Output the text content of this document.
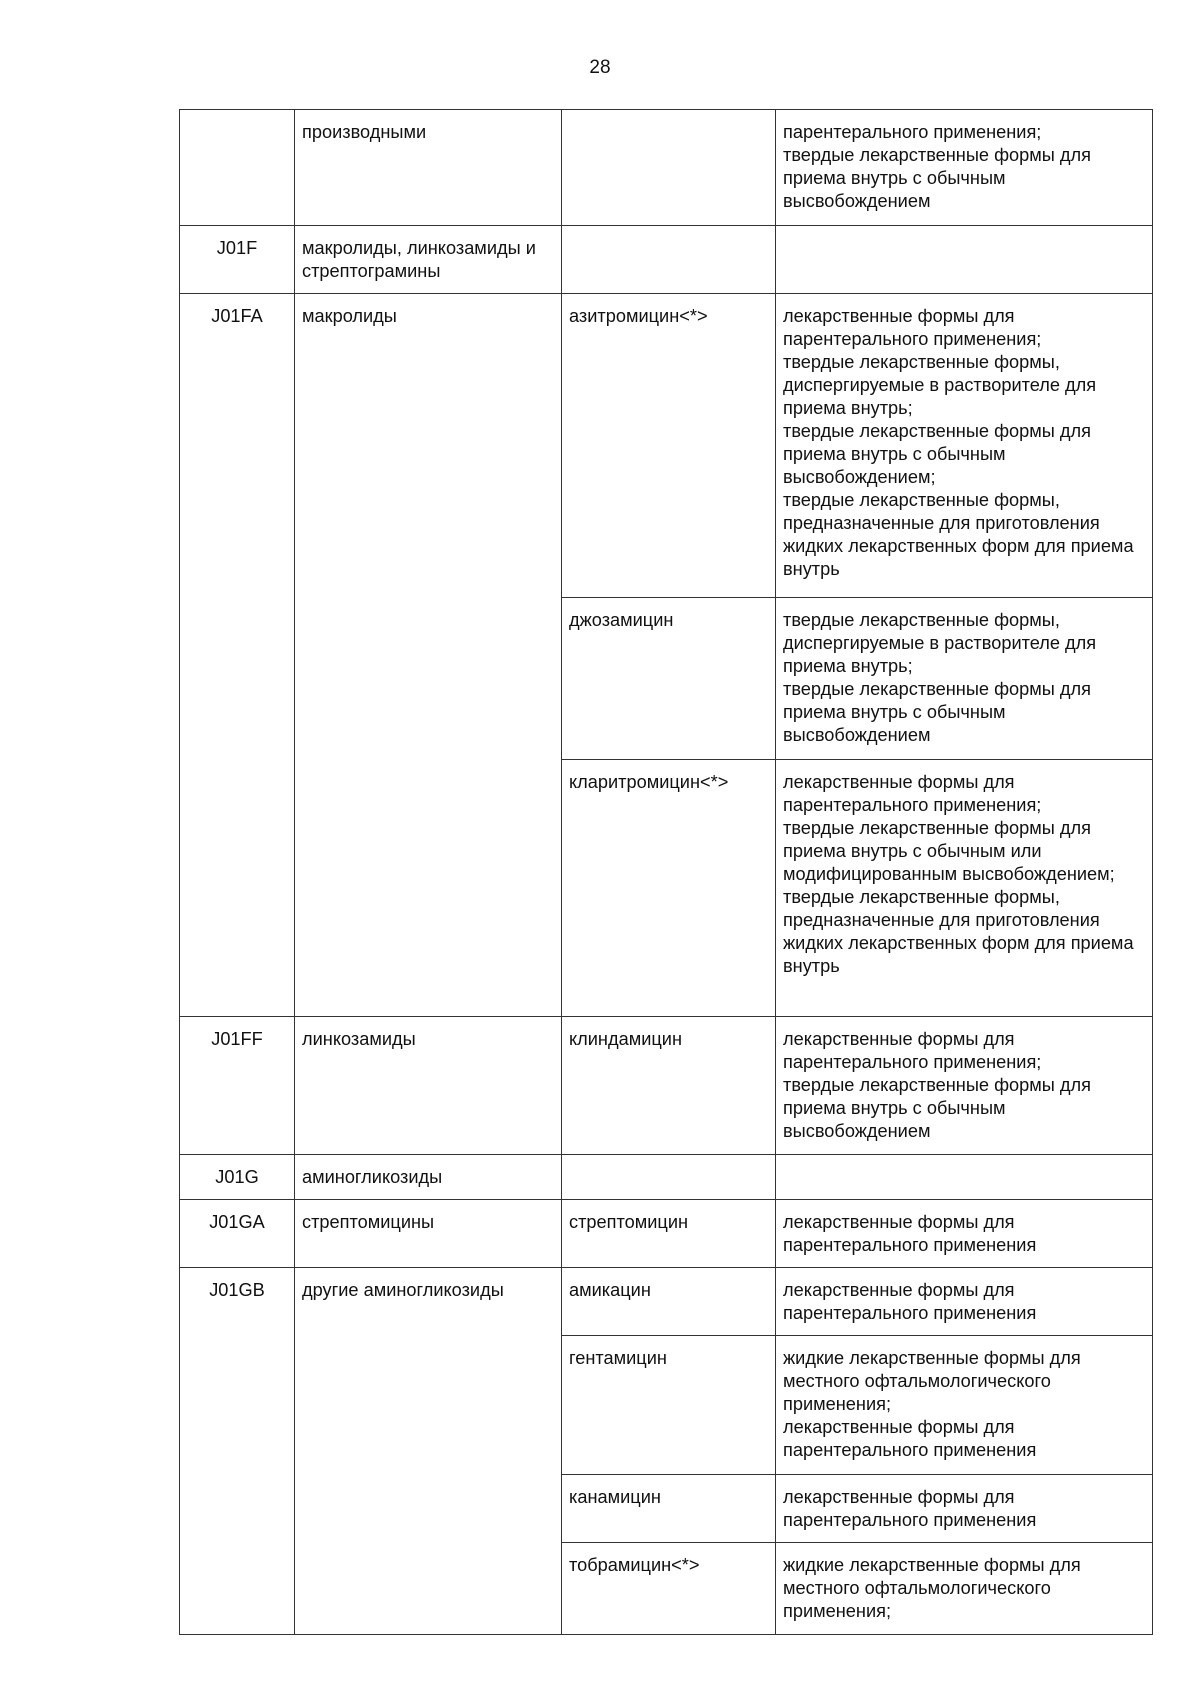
28
	производными		парентерального применения;
твердые лекарственные формы для приема внутрь с обычным высвобождением

J01F	макролиды, линкозамиды и стрептограмины		
J01FA	макролиды	азитромицин<*>	лекарственные формы для парентерального применения;
твердые лекарственные формы, диспергируемые в растворителе для приема внутрь;
твердые лекарственные формы для приема внутрь с обычным высвобождением;
твердые лекарственные формы, предназначенные для приготовления жидких лекарственных форм для приема внутрь

		джозамицин	твердые лекарственные формы, диспергируемые в растворителе для приема внутрь;
твердые лекарственные формы для приема внутрь с обычным высвобождением

		кларитромицин<*>	лекарственные формы для парентерального применения;
твердые лекарственные формы для приема внутрь с обычным или модифицированным высвобождением;
твердые лекарственные формы, предназначенные для приготовления жидких лекарственных форм для приема внутрь

J01FF	линкозамиды	клиндамицин	лекарственные формы для парентерального применения;
твердые лекарственные формы для приема внутрь с обычным высвобождением

J01G	аминогликозиды		
J01GA	стрептомицины	стрептомицин	лекарственные формы для парентерального применения

J01GB	другие аминогликозиды	амикацин	лекарственные формы для парентерального применения

		гентамицин	жидкие лекарственные формы для местного офтальмологического применения;
лекарственные формы для парентерального применения

		канамицин	лекарственные формы для парентерального применения

		тобрамицин<*>	жидкие лекарственные формы для местного офтальмологического применения;
